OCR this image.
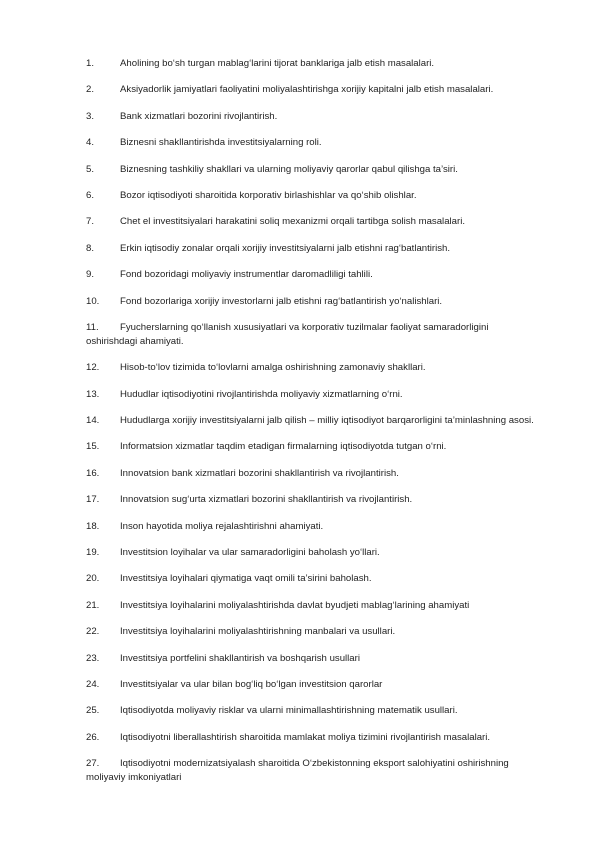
1.	Aholining bo‘sh turgan mablag‘larini tijorat banklariga jalb etish masalalari.
2.	Aksiyadorlik jamiyatlari faoliyatini moliyalashtirishga xorijiy kapitalni jalb etish masalalari.
3.	Bank xizmatlari bozorini rivojlantirish.
4.	Biznesni shakllantirishda investitsiyalarning roli.
5.	Biznesning tashkiliy shakllari va ularning moliyaviy qarorlar qabul qilishga ta’siri.
6.	Bozor iqtisodiyoti sharoitida korporativ birlashishlar va qo‘shib olishlar.
7.	Chet el investitsiyalari harakatini soliq mexanizmi orqali tartibga solish masalalari.
8.	Erkin iqtisodiy zonalar orqali xorijiy investitsiyalarni jalb etishni rag‘batlantirish.
9.	Fond bozoridagi moliyaviy instrumentlar daromadliligi tahlili.
10. Fond bozorlariga xorijiy investorlarni jalb etishni rag‘batlantirish yo‘nalishlari.
11. Fyucherslarning qo‘llanish xususiyatlari va korporativ tuzilmalar faoliyat samaradorligini oshirishdagi ahamiyati.
12. Hisob-to‘lov tizimida to‘lovlarni amalga oshirishning zamonaviy shakllari.
13. Hududlar iqtisodiyotini rivojlantirishda moliyaviy xizmatlarning o‘rni.
14. Hududlarga xorijiy investitsiyalarni jalb qilish – milliy iqtisodiyot barqarorligini ta’minlashning asosi.
15. Informatsion xizmatlar taqdim etadigan firmalarning iqtisodiyotda tutgan o‘rni.
16. Innovatsion bank xizmatlari bozorini shakllantirish va rivojlantirish.
17. Innovatsion sug‘urta xizmatlari bozorini shakllantirish va rivojlantirish.
18. Inson hayotida moliya rejalashtirishni ahamiyati.
19. Investitsion loyihalar va ular samaradorligini baholash yo‘llari.
20. Investitsiya loyihalari qiymatiga vaqt omili ta’sirini baholash.
21. Investitsiya loyihalarini moliyalashtirishda davlat byudjeti mablag‘larining ahamiyati
22. Investitsiya loyihalarini moliyalashtirishning manbalari va usullari.
23. Investitsiya portfelini shakllantirish va boshqarish usullari
24. Investitsiyalar va ular bilan bog‘liq bo‘lgan investitsion qarorlar
25. Iqtisodiyotda moliyaviy risklar va ularni minimallashtirishning matematik usullari.
26. Iqtisodiyotni liberallashtirish sharoitida mamlakat moliya tizimini rivojlantirish masalalari.
27. Iqtisodiyotni modernizatsiyalash sharoitida O‘zbekistonning eksport salohiyatini oshirishning moliyaviy imkoniyatlari
